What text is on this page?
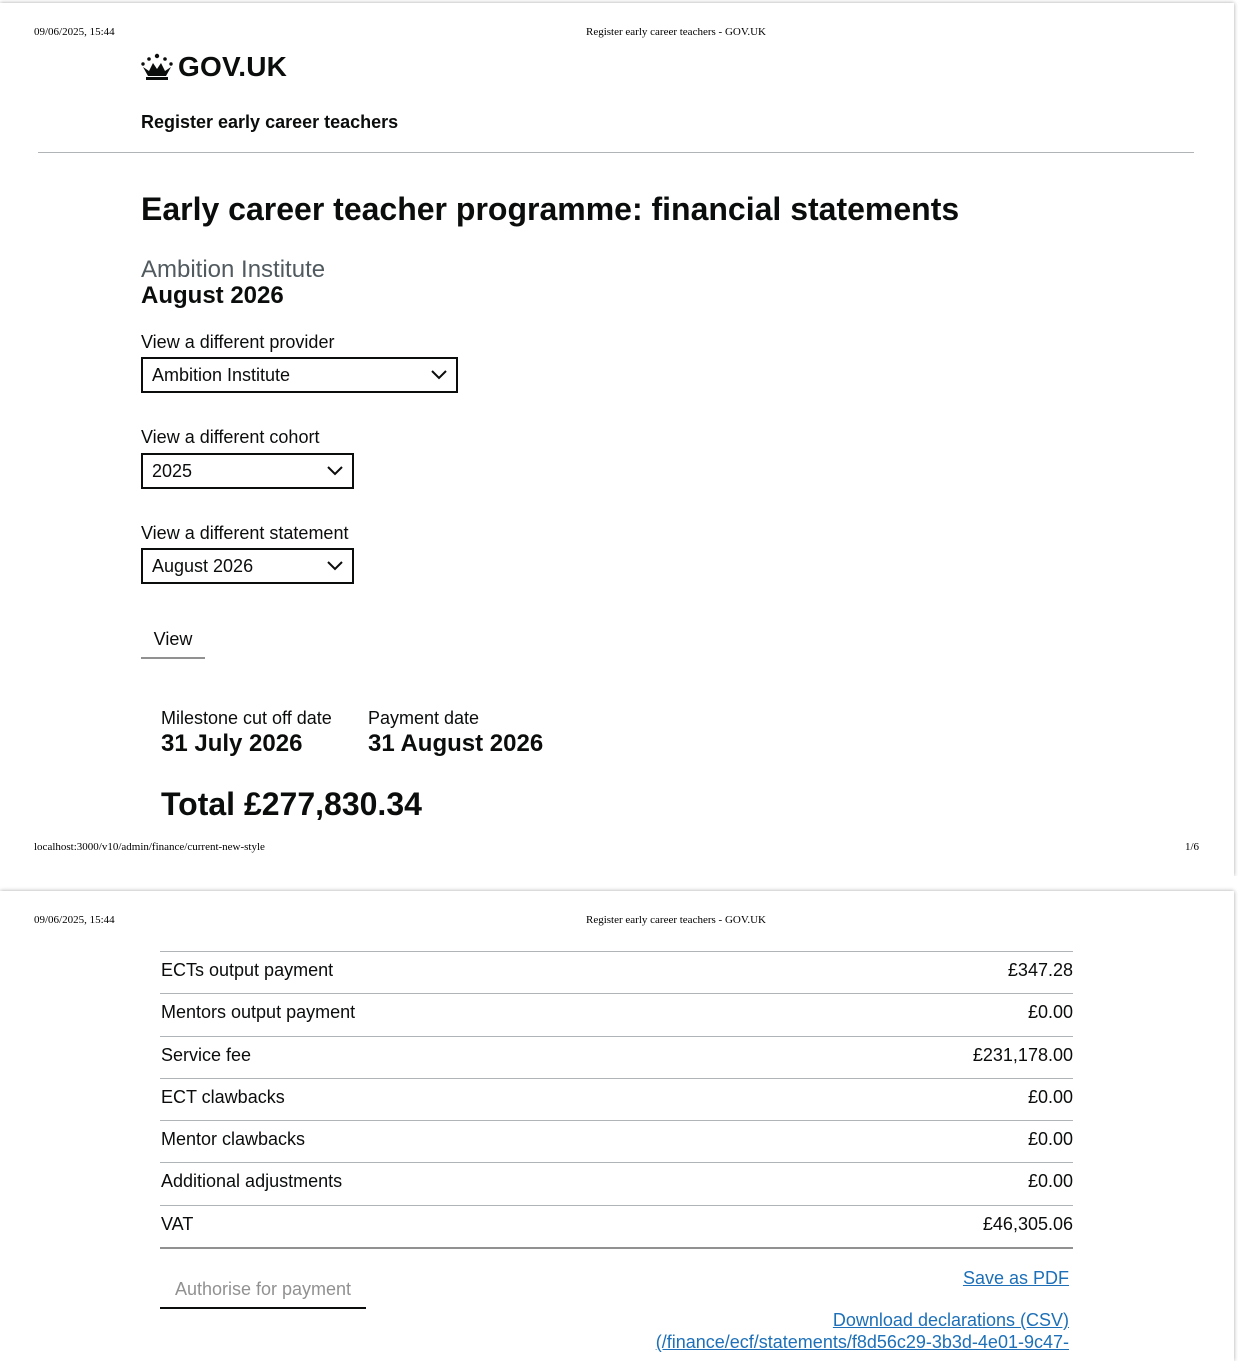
09/06/2025, 15:44	Register early career teachers - GOV.UK
GOV.UK
Register early career teachers
Early career teacher programme: financial statements
Ambition Institute
August 2026
View a different provider
Ambition Institute
View a different cohort
2025
View a different statement
August 2026
View
Milestone cut off date
31 July 2026
Payment date
31 August 2026
Total £277,830.34
localhost:3000/v10/admin/finance/current-new-style	1/6
09/06/2025, 15:44	Register early career teachers - GOV.UK
ECTs output payment	£347.28
Mentors output payment	£0.00
Service fee	£231,178.00
ECT clawbacks	£0.00
Mentor clawbacks	£0.00
Additional adjustments	£0.00
VAT	£46,305.06
Authorise for payment
Save as PDF
Download declarations (CSV)
(/finance/ecf/statements/f8d56c29-3b3d-4e01-9c47-
